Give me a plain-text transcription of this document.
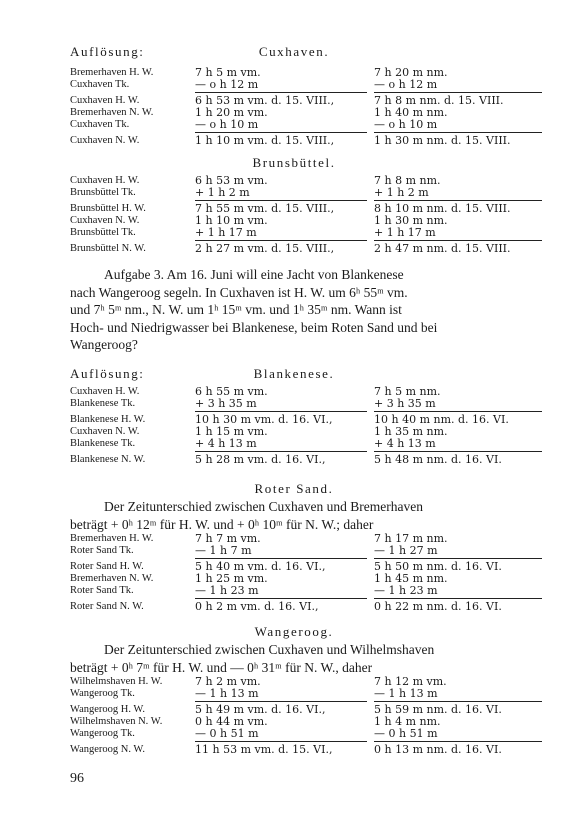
Auflösung:	Cuxhaven.
Bremerhaven H. W.	7 h 5 m vm.	7 h 20 m nm.
Cuxhaven Tk.	— o h 12 m	— o h 12 m
Cuxhaven H. W.	6 h 53 m vm. d. 15. VIII.,	7 h 8 m nm. d. 15. VIII.
Bremerhaven N. W.	1 h 20 m vm.	1 h 40 m nm.
Cuxhaven Tk.	— o h 10 m	— o h 10 m
Cuxhaven N. W.	1 h 10 m vm. d. 15. VIII.,	1 h 30 m nm. d. 15. VIII.
Brunsbüttel.
Cuxhaven H. W.	6 h 53 m vm.	7 h 8 m nm.
Brunsbüttel Tk.	+ 1 h 2 m	+ 1 h 2 m
Brunsbüttel H. W.	7 h 55 m vm. d. 15. VIII.,	8 h 10 m nm. d. 15. VIII.
Cuxhaven N. W.	1 h 10 m vm.	1 h 30 m nm.
Brunsbüttel Tk.	+ 1 h 17 m	+ 1 h 17 m
Brunsbüttel N. W.	2 h 27 m vm. d. 15. VIII.,	2 h 47 m nm. d. 15. VIII.

Aufgabe 3. Am 16. Juni will eine Jacht von Blankenese

nach Wangeroog segeln. In Cuxhaven ist H. W. um 6ʰ 55ᵐ vm.

und 7ʰ 5ᵐ nm., N. W. um 1ʰ 15ᵐ vm. und 1ʰ 35ᵐ nm. Wann ist

Hoch- und Niedrigwasser bei Blankenese, beim Roten Sand und bei

Wangeroog?

Auflösung:	Blankenese.
Cuxhaven H. W.	6 h 55 m vm.	7 h 5 m nm.
Blankenese Tk.	+ 3 h 35 m	+ 3 h 35 m
Blankenese H. W.	10 h 30 m vm. d. 16. VI.,	10 h 40 m nm. d. 16. VI.
Cuxhaven N. W.	1 h 15 m vm.	1 h 35 m nm.
Blankenese Tk.	+ 4 h 13 m	+ 4 h 13 m
Blankenese N. W.	5 h 28 m vm. d. 16. VI.,	5 h 48 m nm. d. 16. VI.
Roter Sand.

Der Zeitunterschied zwischen Cuxhaven und Bremerhaven

beträgt + 0ʰ 12ᵐ für H. W. und + 0ʰ 10ᵐ für N. W.; daher

Bremerhaven H. W.	7 h 7 m vm.	7 h 17 m nm.
Roter Sand Tk.	— 1 h 7 m	— 1 h 27 m
Roter Sand H. W.	5 h 40 m vm. d. 16. VI.,	5 h 50 m nm. d. 16. VI.
Bremerhaven N. W.	1 h 25 m vm.	1 h 45 m nm.
Roter Sand Tk.	— 1 h 23 m	— 1 h 23 m
Roter Sand N. W.	0 h 2 m vm. d. 16. VI.,	0 h 22 m nm. d. 16. VI.
Wangeroog.

Der Zeitunterschied zwischen Cuxhaven und Wilhelmshaven

beträgt + 0ʰ 7ᵐ für H. W. und — 0ʰ 31ᵐ für N. W., daher

Wilhelmshaven H. W.	7 h 2 m vm.	7 h 12 m vm.
Wangeroog Tk.	— 1 h 13 m	— 1 h 13 m
Wangeroog H. W.	5 h 49 m vm. d. 16. VI.,	5 h 59 m nm. d. 16. VI.
Wilhelmshaven N. W.	0 h 44 m vm.	1 h 4 m nm.
Wangeroog Tk.	— 0 h 51 m	— 0 h 51 m
Wangeroog N. W.	11 h 53 m vm. d. 15. VI.,	0 h 13 m nm. d. 16. VI.
96
